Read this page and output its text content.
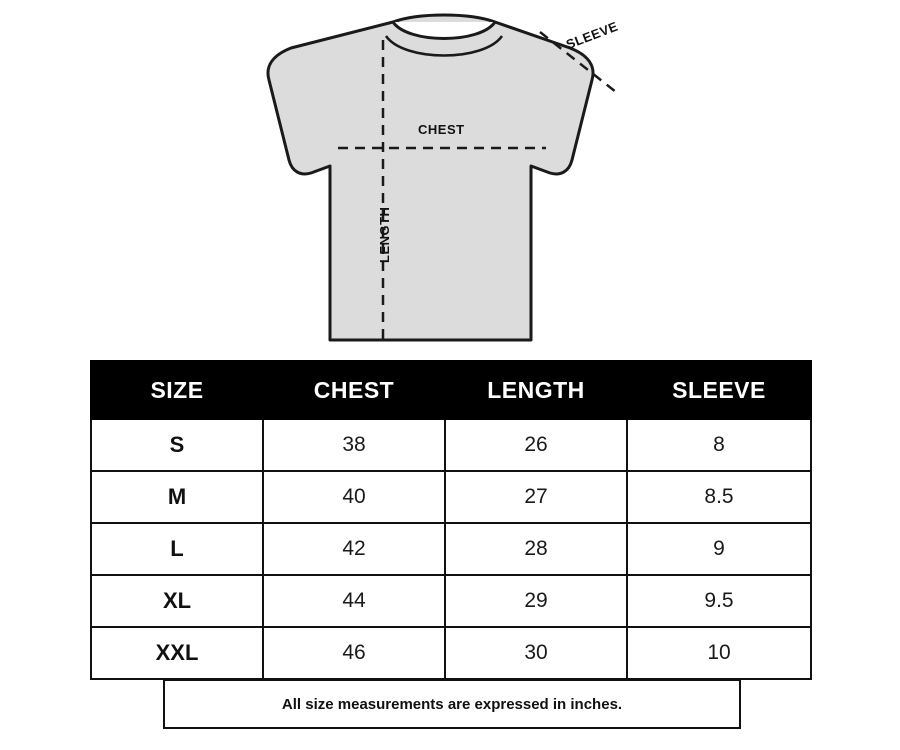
CHEST
LENGTH
SLEEVE
SIZE	CHEST	LENGTH	SLEEVE
S	38	26	8
M	40	27	8.5
L	42	28	9
XL	44	29	9.5
XXL	46	30	10
All size measurements are expressed in inches.
